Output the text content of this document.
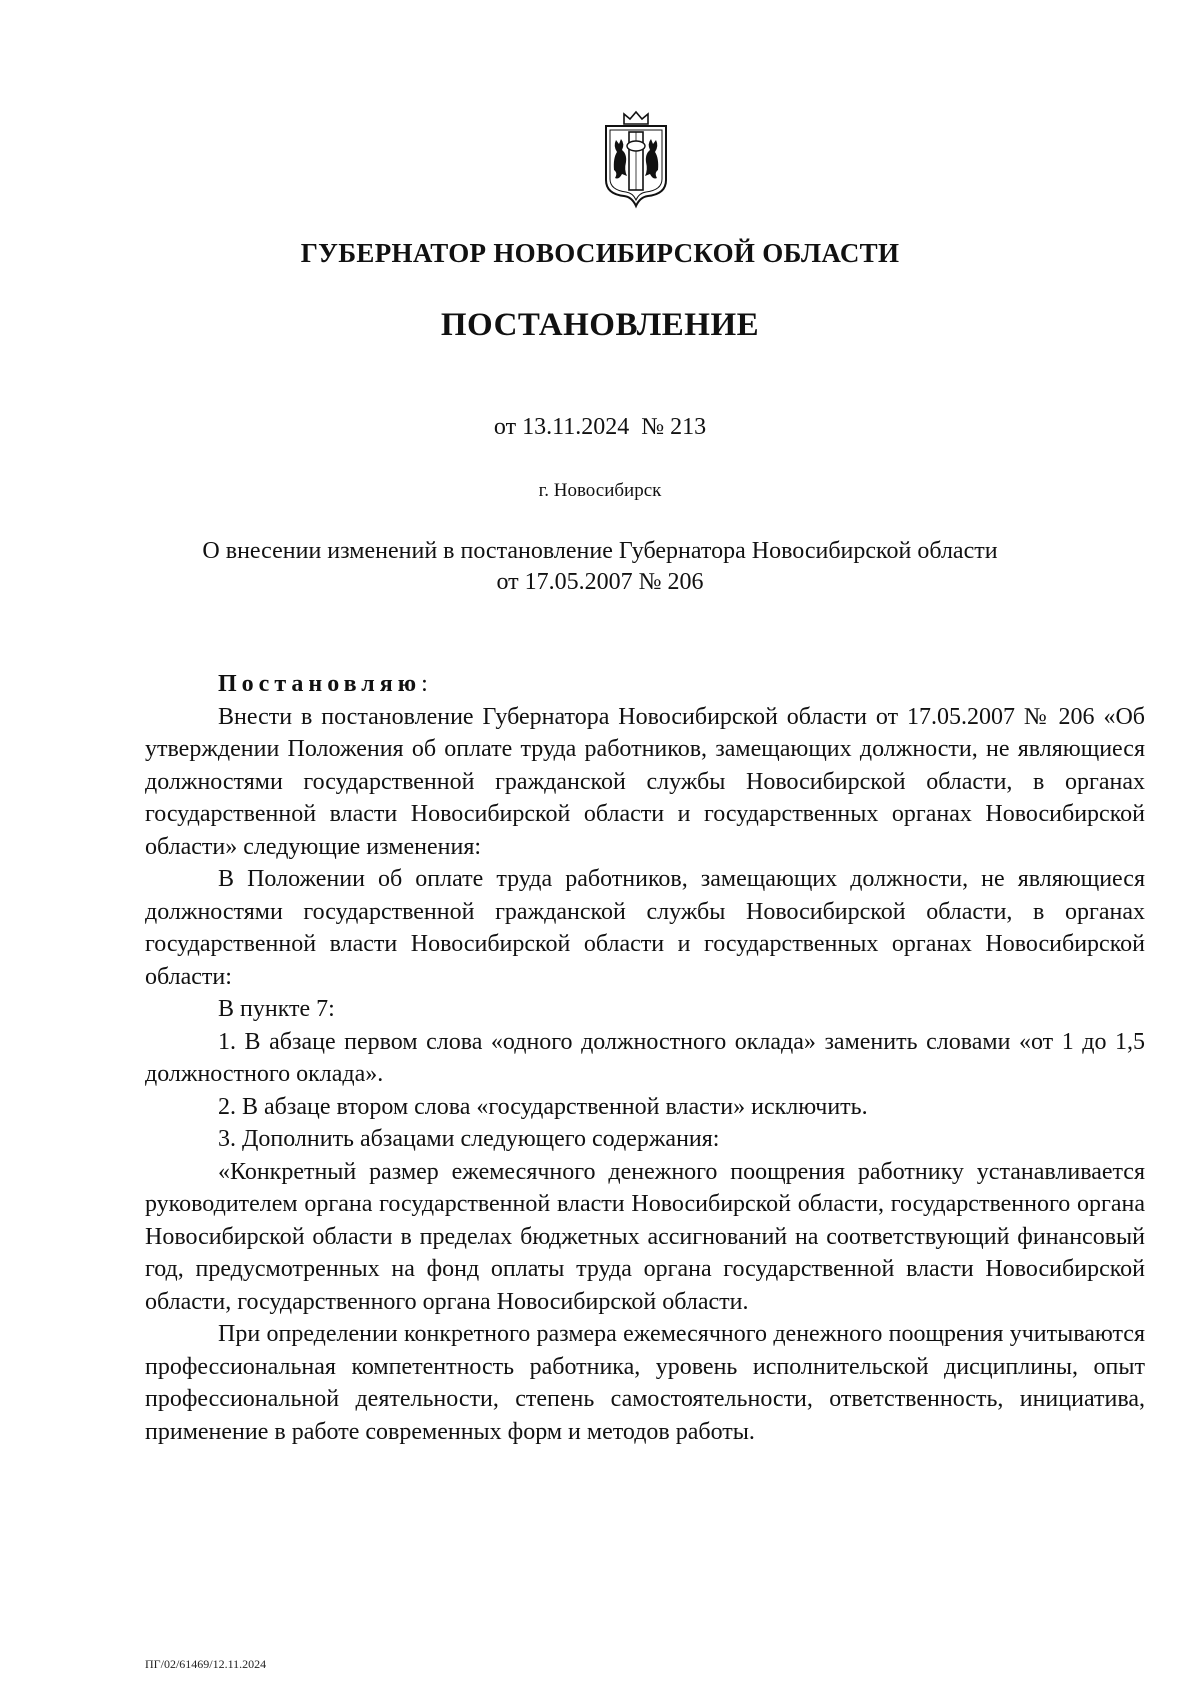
ГУБЕРНАТОР НОВОСИБИРСКОЙ ОБЛАСТИ
ПОСТАНОВЛЕНИЕ
от 13.11.2024  № 213
г. Новосибирск
О внесении изменений в постановление Губернатора Новосибирской области
от 17.05.2007 № 206

Постановляю:

Внести в постановление Губернатора Новосибирской области от 17.05.2007 № 206 «Об утверждении Положения об оплате труда работников, замещающих должности, не являющиеся должностями государственной гражданской службы Новосибирской области, в органах государственной власти Новосибирской области и государственных органах Новосибирской области» следующие изменения:

В Положении об оплате труда работников, замещающих должности, не являющиеся должностями государственной гражданской службы Новосибирской области, в органах государственной власти Новосибирской области и государственных органах Новосибирской области:

В пункте 7:

1. В абзаце первом слова «одного должностного оклада» заменить словами «от 1 до 1,5 должностного оклада».

2. В абзаце втором слова «государственной власти» исключить.

3. Дополнить абзацами следующего содержания:

«Конкретный размер ежемесячного денежного поощрения работнику устанавливается руководителем органа государственной власти Новосибирской области, государственного органа Новосибирской области в пределах бюджетных ассигнований на соответствующий финансовый год, предусмотренных на фонд оплаты труда органа государственной власти Новосибирской области, государственного органа Новосибирской области.

При определении конкретного размера ежемесячного денежного поощрения учитываются профессиональная компетентность работника, уровень исполнительской дисциплины, опыт профессиональной деятельности, степень самостоятельности, ответственность, инициатива, применение в работе современных форм и методов работы.

ПГ/02/61469/12.11.2024
